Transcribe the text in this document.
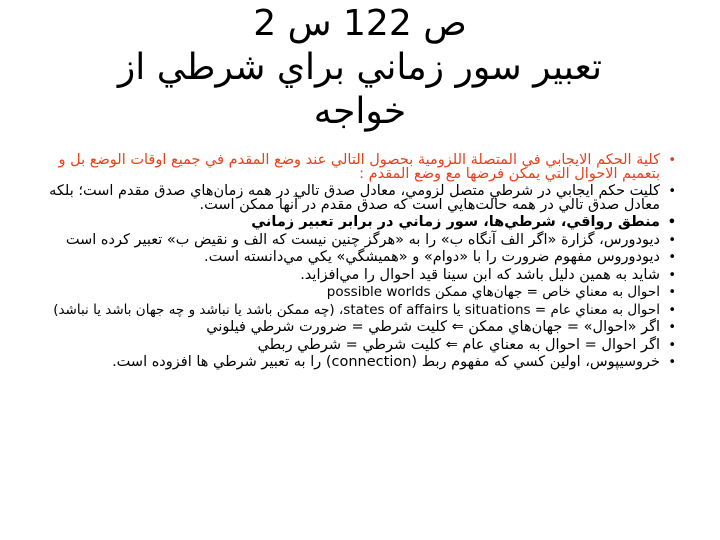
ص 122 س 2
تعبير سور زماني براي شرطي از
خواجه
• كلية الحكم الايجابي في المتصلة اللزومية بحصول التالي عند وضع المقدم في جميع اوقات الوضع بل و بتعميم الاحوال التي يمكن فرضها مع وضع المقدم :
• كليت حكم ايجابي در شرطي متصل لزومي، معادل صدق تالي در همه زمان‌هاي صدق مقدم است؛ بلكه معادل صدق تالي در همه حالت‌هايي است كه صدق مقدم در آنها ممكن است.
• منطق رواقي، شرطي‌ها، سور زماني در برابر تعبير زماني
• ديودورس، گزارة «اگر الف آنگاه ب» را به «هرگز چنين نيست كه الف و نقيض ب» تعبير كرده است
• ديودوروس مفهوم ضرورت را با «دوام» و «هميشگي» يكي مي‌دانسته است.
• شايد به همين دليل باشد كه ابن سينا قيد احوال را مي‌افزايد.
• احوال به معناي خاص = جهان‌هاي ممكن possible worlds
• احوال به معناي عام = situations يا states of affairs، (چه ممكن باشد يا نباشد و چه جهان باشد يا نباشد)
• اگر «احوال» = جهان‌هاي ممكن ⇐ كليت شرطي = ضرورت شرطي فيلوني
• اگر احوال = احوال به معناي عام ⇐ كليت شرطي = شرطي ربطي
• خروسيپوس، اولين كسي كه مفهوم ربط (connection) را به تعبير شرطي ها افزوده است.
